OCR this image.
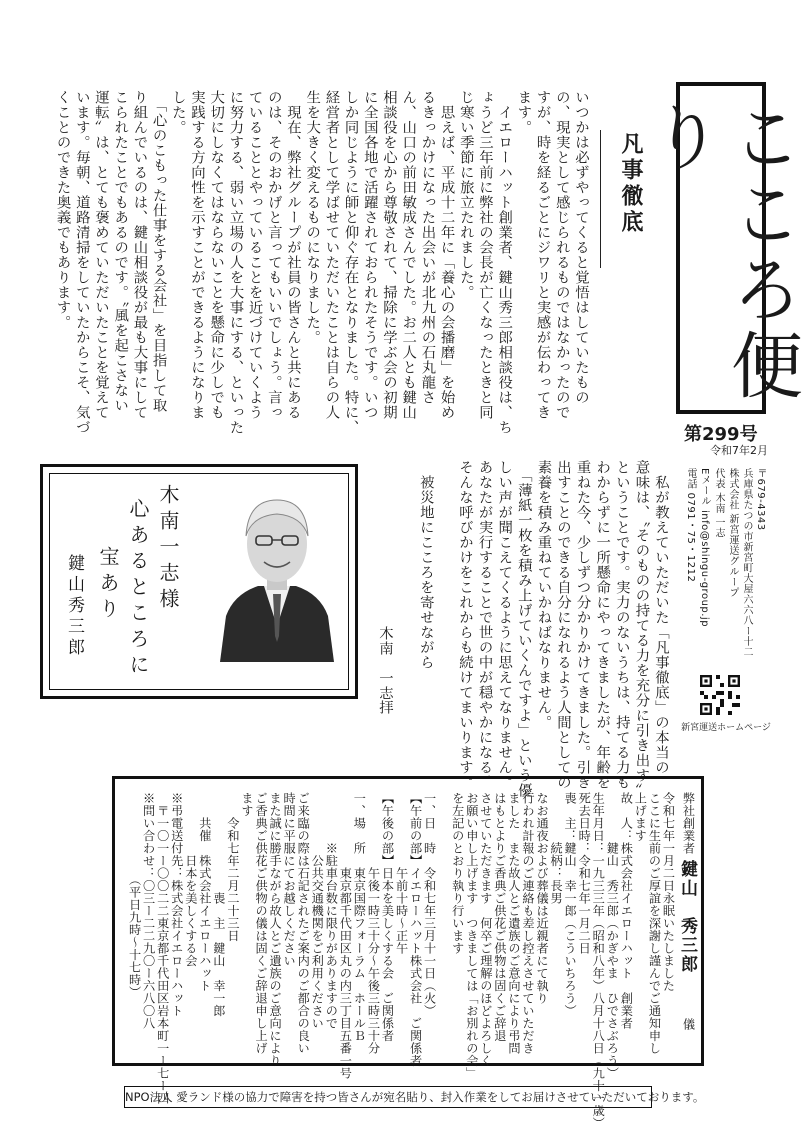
こころ便り
第299号
令和7年2月
〒679-4343
兵庫県たつの市新宮町大屋六六八ー十二
株式会社 新宮運送グループ
代表 木南 一志
Eメール info@shingu-group.jp
電話 0791・75・1212
新宮運送ホームページ
凡事徹底
いつかは必ずやってくると覚悟はしていたもの
の、現実として感じられるものではなかったので
すが、時を経るごとにジワリと実感が伝わってき
ます。
　イエローハット創業者、鍵山秀三郎相談役は、ち
ょうど三年前に弊社の会長が亡くなったときと同
じ寒い季節に旅立たれました。
　思えば、平成十二年に「養心の会播磨」を始め
るきっかけになった出会いが北九州の石丸龍さ
ん、山口の前田敏成さんでした。お二人とも鍵山
相談役を心から尊敬されて、掃除に学ぶ会の初期
に全国各地で活躍されておられたそうです。いつ
しか同じように師と仰ぐ存在となりました。特に、
経営者として学ばせていただいたことは自らの人
生を大きく変えるものになりました。
　現在、弊社グループが社員の皆さんと共にある
のは、そのおかげと言ってもいいでしょう。言っ
ていることとやっていることを近づけていくよう
に努力する、弱い立場の人を大事にする、といった
大切にしなくてはならないことを懸命に少しでも
実践する方向性を示すことができるようになりま
した。
　「心のこもった仕事をする会社」を目指して取
り組んでいるのは、鍵山相談役が最も大事にして
こられたことでもあるのです。〝風を起こさない
運転〟は、とても褒めていただいたことを覚えて
います。毎朝、道路清掃をしていたからこそ、気づ
くことのできた奥義でもあります。
　私が教えていただいた「凡事徹底」の本当の
意味は、〝そのものの持てる力を充分に引き出す〟
ということです。実力のないうちは、持てる力も
わからずに一所懸命にやってきましたが、年齢を
重ねた今、少しずつ分かりかけてきました。引き
出すことのできる自分になれるよう人間としての
素養を積み重ねていかねばなりません。
　「薄紙一枚を積み上げていくんですよ」という優
しい声が聞こえてくるように思えてなりません。
あなたが実行することで世の中が穏やかになる、
そんな呼びかけをこれからも続けてまいります。
　被災地にこころを寄せながら
木南　一志
拝
木南一志様
心あるところに
宝あり
鍵山秀三郎
弊社創業者
鍵山　秀三郎
儀
令和七年一月二日永眠いたしました
ここに生前のご厚誼を深謝し謹んでご通知申し
上げます
故　人：株式会社イエローハット　創業者
　　　　鍵山　秀三郎（かぎやま　ひでさぶろう）
生年月日：一九三三年（昭和八年）八月十八日（九十一歳）
死去日時：令和七年一月二日
喪　主：鍵山　幸一郎（こういちろう）
　　　　続柄：長男
なお通夜および葬儀は近親者にて執り
行われ計報のご連絡も差し控えさせていただき
ました　また故人とご遺族のご意向により弔問
はもとよりご香典ご供花ご供物は固くご辞退
させていただきます　何卒ご理解のほどよろしく
お願い申し上げます　つきましては「お別れの会」
を左記のとおり執り行います
一、日　時　令和七年三月十一日（火）
【午前の部】イエローハット株式会社　ご関係者
　　　　　　午前十時〜正午
【午後の部】日本を美しくする会　ご関係者
　　　　　　午後一時三十分〜午後三時三十分
一、場　所　東京国際フォーラム　ホールＢ
　　　　　　東京都千代田区丸の内三丁目五番一号
　　　　※駐車台数に限りがありますので
　　　　　公共交通機関をご利用ください
ご来臨の際は石記されたご案内のご都合の良い
時間に平服にてお越しください
また誠に勝手ながら故人とご遺族のご意向により
ご香典ご供花ご供物の儀は固くご辞退申し上げ
ます
　　令和七年二月二十三日
　　　　　　　　喪　主　鍵山　幸一郎
　　共催　株式会社イエローハット
　　　　　日本を美しくする会
※弔電送付先：株式会社イエローハット
　〒一〇一ー〇〇二二東京都千代田区岩本町一ー七ー四
※問い合わせ：〇三ー二二九〇ー六八〇八
　　　　　　　（平日九時〜十七時）
NPO法人 愛ランド様の協力で障害を持つ皆さんが宛名貼り、封入作業をしてお届けさせていただいております。
